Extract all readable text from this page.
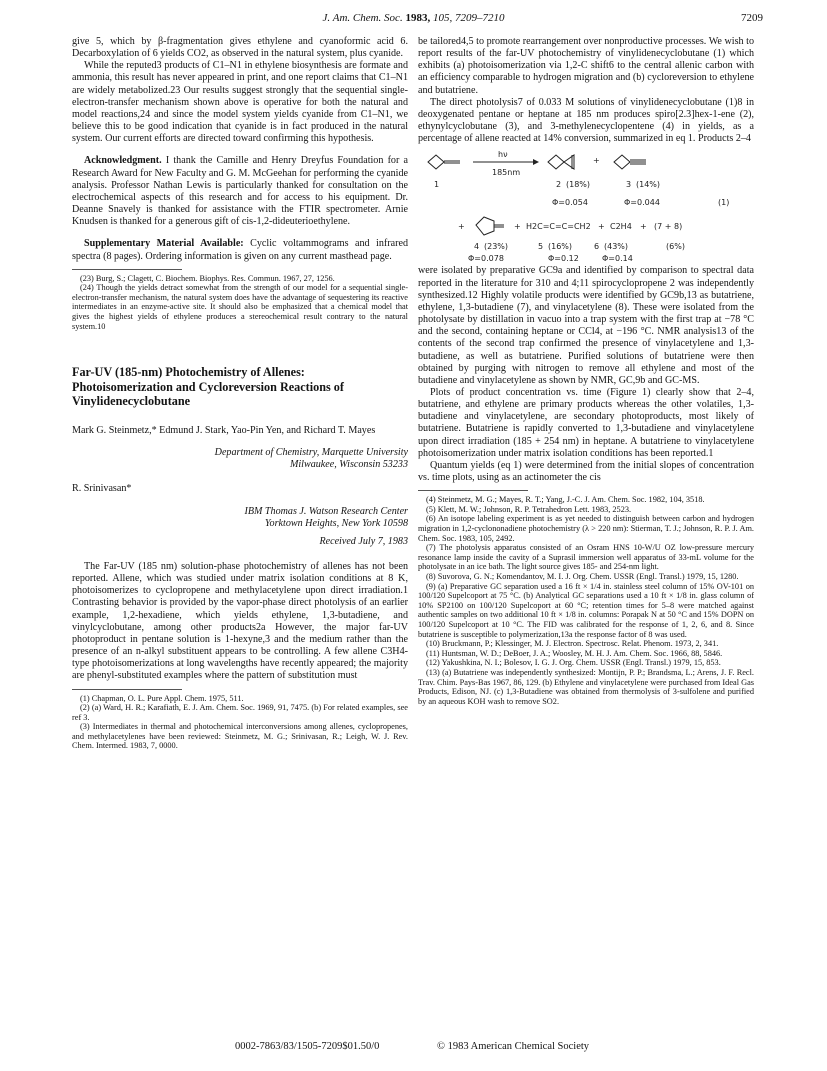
J. Am. Chem. Soc. 1983, 105, 7209–7210	7209

give 5, which by β-fragmentation gives ethylene and cyanoformic acid 6. Decarboxylation of 6 yields CO2, as observed in the natural system, plus cyanide.

While the reputed3 products of C1–N1 in ethylene biosynthesis are formate and ammonia, this result has never appeared in print, and one report claims that C1–N1 are widely metabolized.23 Our results suggest strongly that the sequential single-electron-transfer mechanism shown above is operative for both the natural and model reactions,24 and since the model system yields cyanide from C1–N1, we believe this to be good indication that cyanide is in fact produced in the natural system. Our current efforts are directed toward confirming this hypothesis.

Acknowledgment. I thank the Camille and Henry Dreyfus Foundation for a Research Award for New Faculty and G. M. McGeehan for performing the cyanide analysis. Professor Nathan Lewis is particularly thanked for consultation on the electrochemical aspects of this research and for access to his equipment. Dr. Deanne Snavely is thanked for assistance with the FTIR spectrometer. Arnie Knudsen is thanked for a generous gift of cis-1,2-dideuterioethylene.

Supplementary Material Available: Cyclic voltammograms and infrared spectra (8 pages). Ordering information is given on any current masthead page.

(23) Burg, S.; Clagett, C. Biochem. Biophys. Res. Commun. 1967, 27, 1256.

(24) Though the yields detract somewhat from the strength of our model for a sequential single-electron-transfer mechanism, the natural system does have the advantage of sequestering its reactive intermediates in an enzyme-active site. It should also be emphasized that a chemical model that gives the highest yields of ethylene produces a stereochemical result contrary to the natural system.10

Far-UV (185-nm) Photochemistry of Allenes: Photoisomerization and Cycloreversion Reactions of Vinylidenecyclobutane
Mark G. Steinmetz,* Edmund J. Stark, Yao-Pin Yen, and Richard T. Mayes
Department of Chemistry, Marquette University
Milwaukee, Wisconsin 53233
R. Srinivasan*
IBM Thomas J. Watson Research Center
Yorktown Heights, New York 10598
Received July 7, 1983

The Far-UV (185 nm) solution-phase photochemistry of allenes has not been reported. Allene, which was studied under matrix isolation conditions at 8 K, photoisomerizes to cyclopropene and methylacetylene upon direct irradiation.1 Contrasting behavior is provided by the vapor-phase direct photolysis of an earlier example, 1,2-hexadiene, which yields ethylene, 1,3-butadiene, and vinylcyclobutane, among other products2a However, the major far-UV photoproduct in pentane solution is 1-hexyne,3 and the medium rather than the presence of an n-alkyl substituent appears to be controlling. A few allene C3H4-type photoisomerizations at long wavelengths have recently appeared; the majority are phenyl-substituted examples where the pattern of substitution must

(1) Chapman, O. L. Pure Appl. Chem. 1975, 511.

(2) (a) Ward, H. R.; Karafiath, E. J. Am. Chem. Soc. 1969, 91, 7475. (b) For related examples, see ref 3.

(3) Intermediates in thermal and photochemical interconversions among allenes, cyclopropenes, and methylacetylenes have been reviewed: Steinmetz, M. G.; Srinivasan, R.; Leigh, W. J. Rev. Chem. Intermed. 1983, 7, 0000.

be tailored4,5 to promote rearrangement over nonproductive processes. We wish to report results of the far-UV photochemistry of vinylidenecyclobutane (1) which exhibits (a) photoisomerization via 1,2-C shift6 to the central allenic carbon with an efficiency comparable to hydrogen migration and (b) cycloreversion to ethylene and butatriene.

The direct photolysis7 of 0.033 M solutions of vinylidenecyclobutane (1)8 in deoxygenated pentane or heptane at 185 nm produces spiro[2.3]hex-1-ene (2), ethynylcyclobutane (3), and 3-methylenecyclopentene (4) in yields, as a percentage of allene reacted at 14% conversion, summarized in eq 1. Products 2–4

1
hν
185nm
+
2 (18%)
Φ=0.054
3 (14%)
Φ=0.044	(1)
+	+ H2C=C=C=CH2 + C2H4 + (7 + 8)
4 (23%)
Φ=0.078
5 (16%)	6 (43%)
Φ=0.12	Φ=0.14
(6%)

were isolated by preparative GC9a and identified by comparison to spectral data reported in the literature for 310 and 4;11 spirocyclopropene 2 was independently synthesized.12 Highly volatile products were identified by GC9b,13 as butatriene, ethylene, 1,3-butadiene (7), and vinylacetylene (8). These were isolated from the photolysate by distillation in vacuo into a trap system with the first trap at −78 °C and the second, containing heptane or CCl4, at −196 °C. NMR analysis13 of the contents of the second trap confirmed the presence of vinylacetylene and 1,3-butadiene, as well as butatriene. Purified solutions of butatriene were then obtained by purging with nitrogen to remove all ethylene and most of the butadiene and vinylacetylene as shown by NMR, GC,9b and GC-MS.

Plots of product concentration vs. time (Figure 1) clearly show that 2–4, butatriene, and ethylene are primary products whereas the other volatiles, 1,3-butadiene and vinylacetylene, are secondary photoproducts, most likely of butatriene. Butatriene is rapidly converted to 1,3-butadiene and vinylacetylene upon direct irradiation (185 + 254 nm) in heptane. A butatriene to vinylacetylene photoisomerization under matrix isolation conditions has been reported.1

Quantum yields (eq 1) were determined from the initial slopes of concentration vs. time plots, using as an actinometer the cis

(4) Steinmetz, M. G.; Mayes, R. T.; Yang, J.-C. J. Am. Chem. Soc. 1982, 104, 3518.

(5) Klett, M. W.; Johnson, R. P. Tetrahedron Lett. 1983, 2523.

(6) An isotope labeling experiment is as yet needed to distinguish between carbon and hydrogen migration in 1,2-cyclononadiene photochemistry (λ > 220 nm): Stierman, T. J.; Johnson, R. P. J. Am. Chem. Soc. 1983, 105, 2492.

(7) The photolysis apparatus consisted of an Osram HNS 10-W/U OZ low-pressure mercury resonance lamp inside the cavity of a Suprasil immersion well apparatus of 33-mL volume for the photolysate in an ice bath. The light source gives 185- and 254-nm light.

(8) Suvorova, G. N.; Komendantov, M. I. J. Org. Chem. USSR (Engl. Transl.) 1979, 15, 1280.

(9) (a) Preparative GC separation used a 16 ft × 1/4 in. stainless steel column of 15% OV-101 on 100/120 Supelcoport at 75 °C. (b) Analytical GC separations used a 10 ft × 1/8 in. glass column of 10% SP2100 on 100/120 Supelcoport at 60 °C; retention times for 5–8 were matched against authentic samples on two additional 10 ft × 1/8 in. columns: Porapak N at 50 °C and 15% DOPN on 100/120 Supelcoport at 10 °C. The FID was calibrated for the response of 1, 2, 6, and 8. Since butatriene is susceptible to polymerization,13a the response factor of 8 was used.

(10) Bruckmann, P.; Klessinger, M. J. Electron. Spectrosc. Relat. Phenom. 1973, 2, 341.

(11) Huntsman, W. D.; DeBoer, J. A.; Woosley, M. H. J. Am. Chem. Soc. 1966, 88, 5846.

(12) Yakushkina, N. I.; Bolesov, I. G. J. Org. Chem. USSR (Engl. Transl.) 1979, 15, 853.

(13) (a) Butatriene was independently synthesized: Montijn, P. P.; Brandsma, L.; Arens, J. F. Recl. Trav. Chim. Pays-Bas 1967, 86, 129. (b) Ethylene and vinylacetylene were purchased from Ideal Gas Products, Edison, NJ. (c) 1,3-Butadiene was obtained from thermolysis of 3-sulfolene and purified by an aqueous KOH wash to remove SO2.

0002-7863/83/1505-7209$01.50/0	© 1983 American Chemical Society
